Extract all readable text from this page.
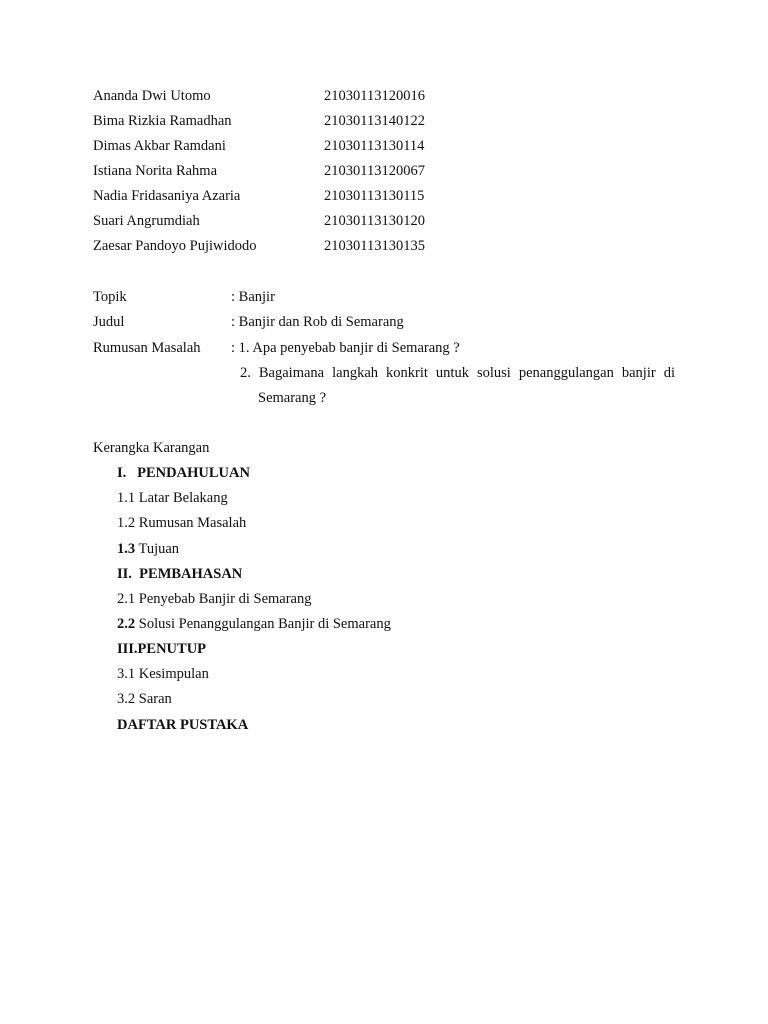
Ananda Dwi Utomo	21030113120016
Bima Rizkia Ramadhan	21030113140122
Dimas Akbar Ramdani	21030113130114
Istiana Norita Rahma	21030113120067
Nadia Fridasaniya Azaria	21030113130115
Suari Angrumdiah	21030113130120
Zaesar Pandoyo Pujiwidodo	21030113130135
Topik	: Banjir
Judul	: Banjir dan Rob di Semarang
Rumusan Masalah : 1. Apa penyebab banjir di Semarang ?
2. Bagaimana langkah konkrit untuk solusi penanggulangan banjir di
Semarang ?
Kerangka Karangan
I.   PENDAHULUAN
1.1 Latar Belakang
1.2 Rumusan Masalah
1.3 Tujuan
II.  PEMBAHASAN
2.1 Penyebab Banjir di Semarang
2.2 Solusi Penanggulangan Banjir di Semarang
III.PENUTUP
3.1 Kesimpulan
3.2 Saran
DAFTAR PUSTAKA
